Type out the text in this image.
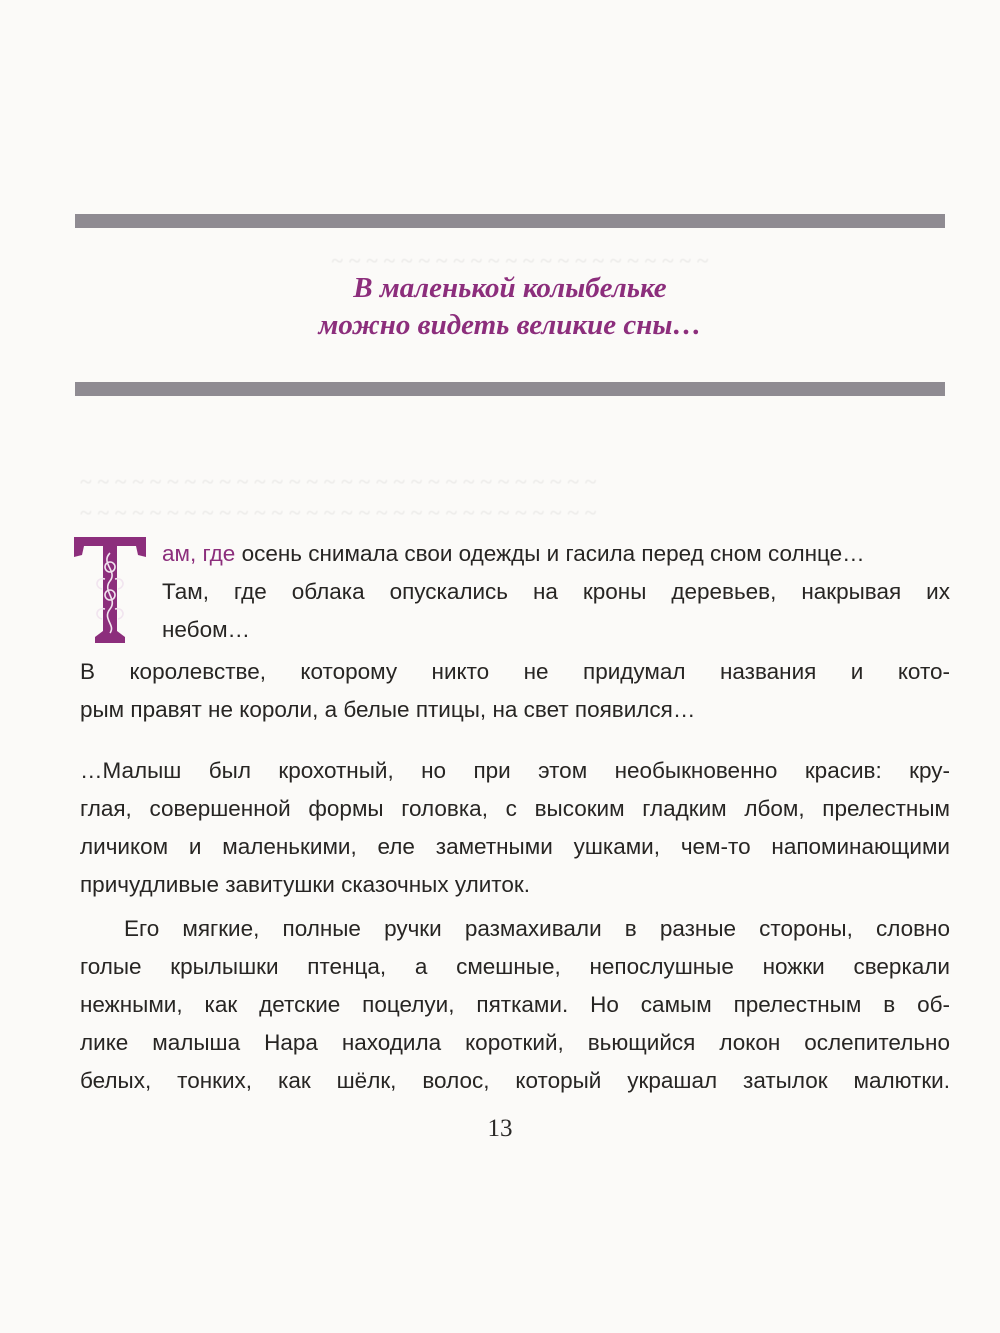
~ ~ ~ ~ ~ ~ ~ ~ ~ ~ ~ ~ ~ ~ ~ ~ ~ ~ ~ ~ ~ ~
~ ~ ~ ~ ~ ~ ~ ~ ~ ~ ~ ~ ~ ~ ~ ~ ~ ~ ~ ~ ~ ~ ~ ~ ~ ~ ~ ~ ~ ~
~ ~ ~ ~ ~ ~ ~ ~ ~ ~ ~ ~ ~ ~ ~ ~ ~ ~ ~ ~ ~ ~ ~ ~ ~ ~ ~ ~ ~ ~
В маленькой колыбельке
можно видеть великие сны…
Т
ам, где осень снимала свои одежды и гасила перед сном солнце…
Там, где облака опускались на кроны деревьев, накрывая их
небом…
В королевстве, которому никто не придумал названия и кото-
рым правят не короли, а белые птицы, на свет появился…
…Малыш был крохотный, но при этом необыкновенно красив: кру-
глая, совершенной формы головка, с высоким гладким лбом, прелестным
личиком и маленькими, еле заметными ушками, чем-то напоминающими
причудливые завитушки сказочных улиток.
Его мягкие, полные ручки размахивали в разные стороны, словно
голые крылышки птенца, а смешные, непослушные ножки сверкали
нежными, как детские поцелуи, пятками. Но самым прелестным в об-
лике малыша Нара находила короткий, вьющийся локон ослепительно
белых, тонких, как шёлк, волос, который украшал затылок малютки.
13
